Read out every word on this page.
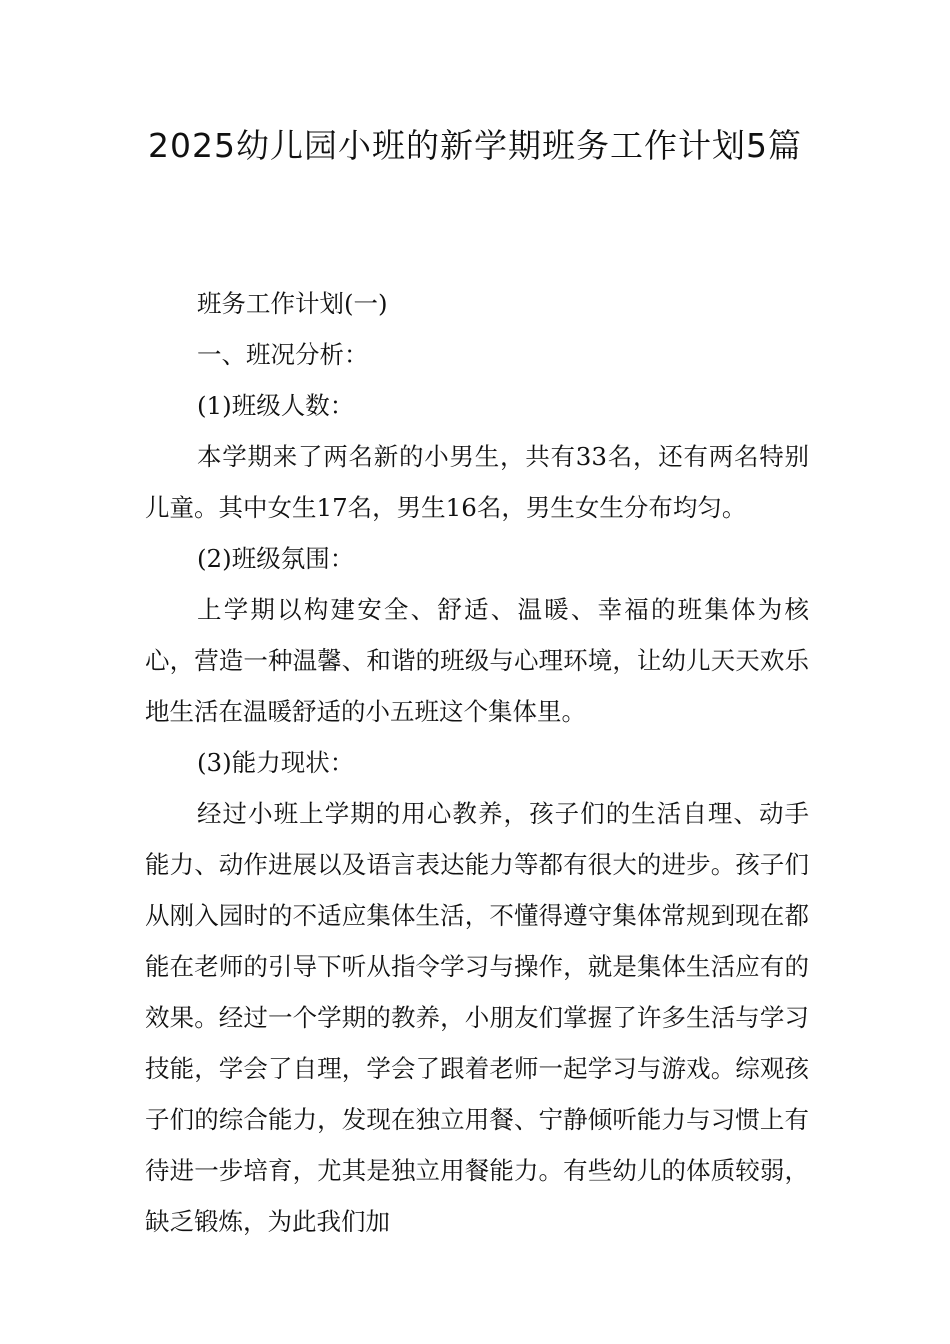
2025幼儿园小班的新学期班务工作计划5篇

班务工作计划(一)

一、班况分析：

(1)班级人数：

本学期来了两名新的小男生，共有33名，还有两名特别儿童。其中女生17名，男生16名，男生女生分布均匀。

(2)班级氛围：

上学期以构建安全、舒适、温暖、幸福的班集体为核心，营造一种温馨、和谐的班级与心理环境，让幼儿天天欢乐地生活在温暖舒适的小五班这个集体里。

(3)能力现状：

经过小班上学期的用心教养，孩子们的生活自理、动手能力、动作进展以及语言表达能力等都有很大的进步。孩子们从刚入园时的不适应集体生活，不懂得遵守集体常规到现在都能在老师的引导下听从指令学习与操作，就是集体生活应有的效果。经过一个学期的教养，小朋友们掌握了许多生活与学习技能，学会了自理，学会了跟着老师一起学习与游戏。综观孩子们的综合能力，发现在独立用餐、宁静倾听能力与习惯上有待进一步培育，尤其是独立用餐能力。有些幼儿的体质较弱，缺乏锻炼，为此我们加
